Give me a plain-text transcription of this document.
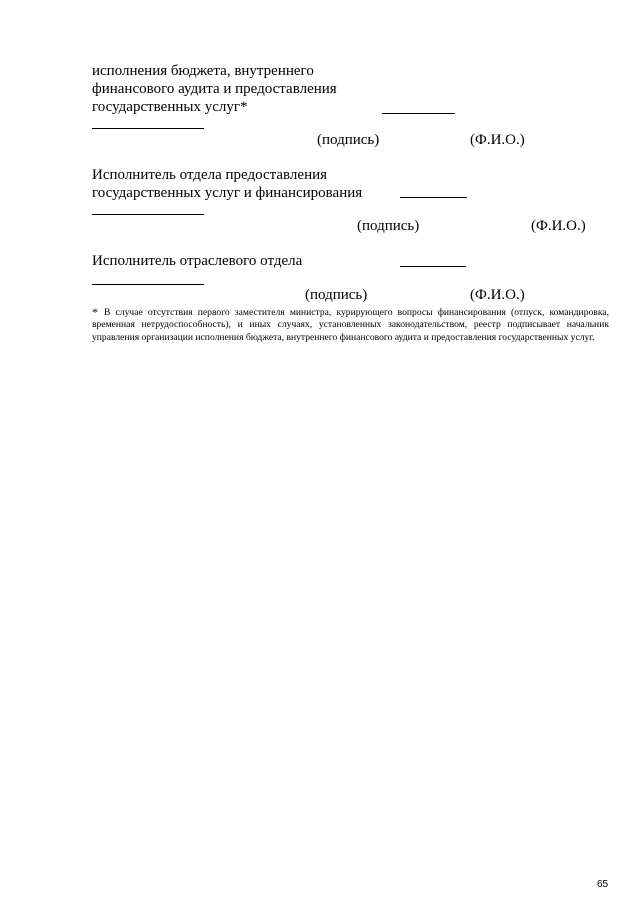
исполнения бюджета, внутреннего
финансового аудита и предоставления
государственных услуг*
(подпись)	(Ф.И.О.)
Исполнитель отдела предоставления
государственных услуг и финансирования
(подпись)	(Ф.И.О.)
Исполнитель отраслевого отдела
(подпись)	(Ф.И.О.)
* В случае отсутствия первого заместителя министра, курирующего вопросы финансирования (отпуск, командировка, временная нетрудоспособность), и иных случаях, установленных законодательством, реестр подписывает начальник управления организации исполнения бюджета, внутреннего финансового аудита и предоставления государственных услуг.
65
